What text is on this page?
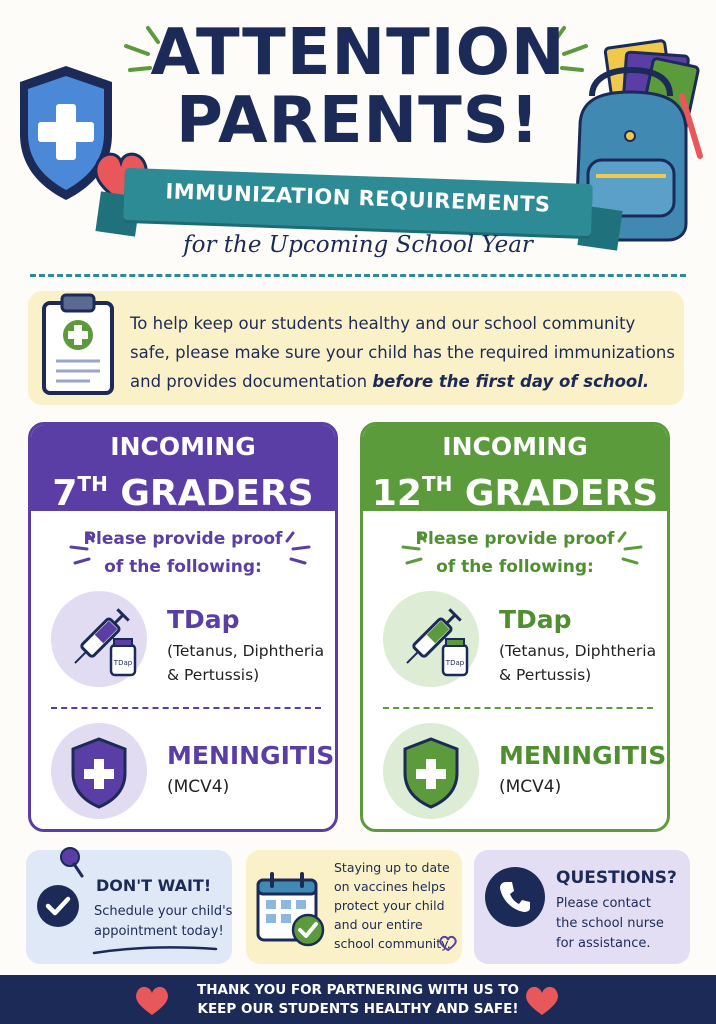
ATTENTION
PARENTS!
IMMUNIZATION REQUIREMENTS
for the Upcoming School Year
To help keep our students healthy and our school community safe, please make sure your child has the required immunizations and provides documentation before the first day of school.
INCOMING
7TH GRADERS
Please provide proof
of the following:
TDap
TDap
(Tetanus, Diphtheria
& Pertussis)
MENINGITIS
(MCV4)
INCOMING
12TH GRADERS
Please provide proof
of the following:
TDap
TDap
(Tetanus, Diphtheria
& Pertussis)
MENINGITIS
(MCV4)
DON'T WAIT!
Schedule your child's
appointment today!
Staying up to date
on vaccines helps
protect your child
and our entire
school community.
QUESTIONS?
Please contact
the school nurse
for assistance.
THANK YOU FOR PARTNERING WITH US TO
KEEP OUR STUDENTS HEALTHY AND SAFE!
